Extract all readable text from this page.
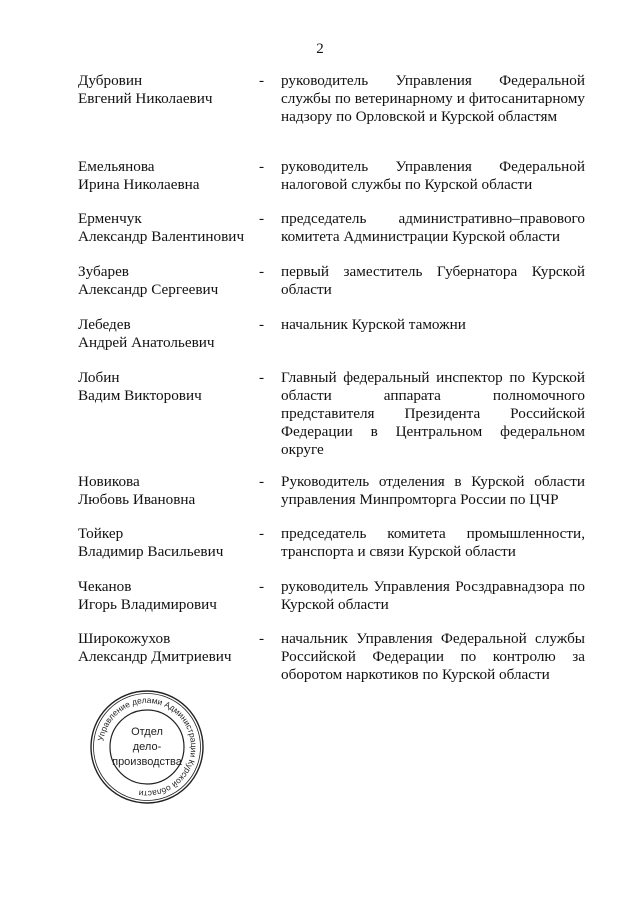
2
Дубровин
Евгений Николаевич
-	руководитель Управления Федеральной службы по ветеринарному и фитосанитарному надзору по Орловской и Курской областям
Емельянова
Ирина Николаевна
-	руководитель Управления Федеральной налоговой службы по Курской области
Ерменчук
Александр Валентинович
-	председатель административно–правового комитета Администрации Курской области
Зубарев
Александр Сергеевич
-	первый заместитель Губернатора Курской области
Лебедев
Андрей Анатольевич
-	начальник Курской таможни
Лобин
Вадим Викторович
-	Главный федеральный инспектор по Курской области аппарата полномочного представителя Президента Российской Федерации в Центральном федеральном округе
Новикова
Любовь Ивановна
-	Руководитель отделения в Курской области управления Минпромторга России по ЦЧР
Тойкер
Владимир Васильевич
-	председатель комитета промышленности, транспорта и связи Курской области
Чеканов
Игорь Владимирович
-	руководитель Управления Росздравнадзора по Курской области
Широкожухов
Александр Дмитриевич
-	начальник Управления Федеральной службы Российской Федерации по контролю за оборотом наркотиков по Курской области
Управление делами Администрации Курской области
Отдел
дело-
производства
